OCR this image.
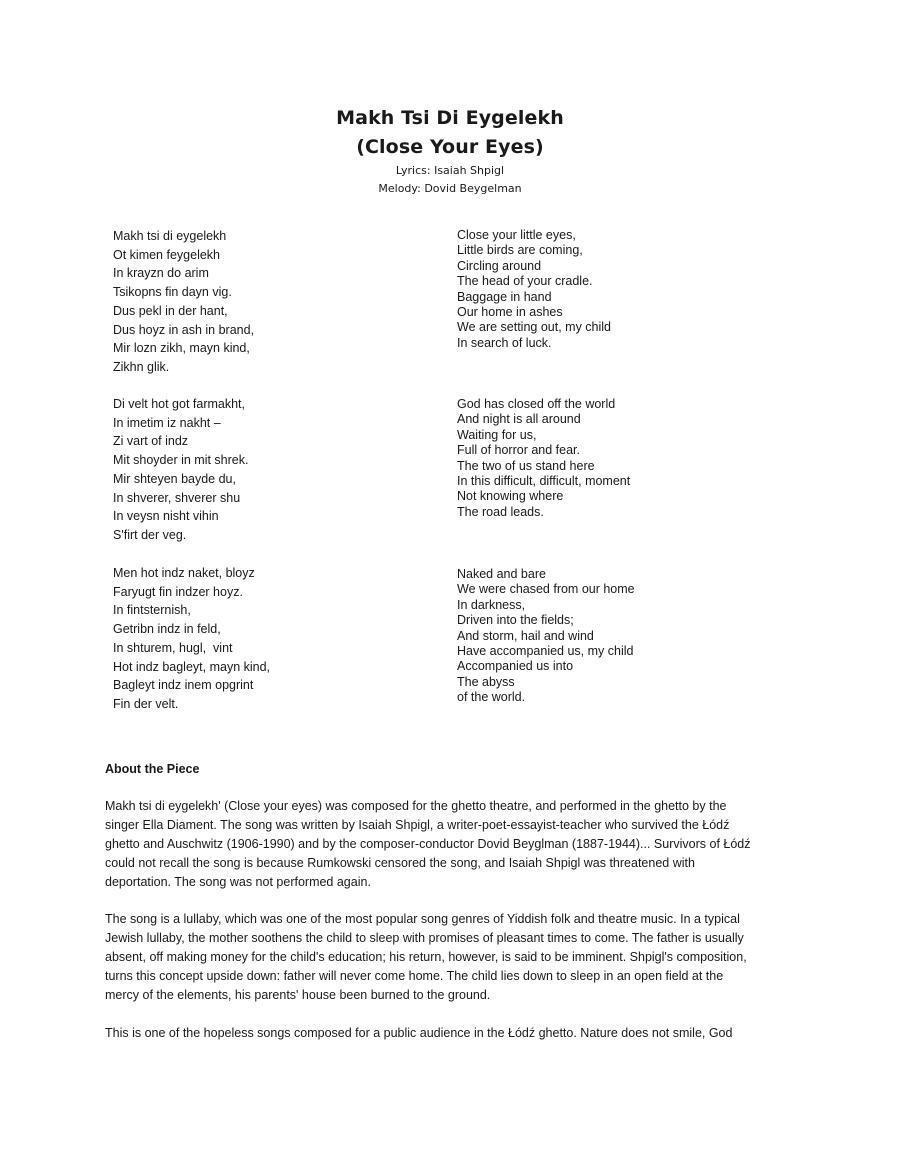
Makh Tsi Di Eygelekh

(Close Your Eyes)

Lyrics: Isaiah Shpigl

Melody: Dovid Beygelman

Makh tsi di eygelekh
Ot kimen feygelekh
In krayzn do arim
Tsikopns fin dayn vig.
Dus pekl in der hant,
Dus hoyz in ash in brand,
Mir lozn zikh, mayn kind,
Zikhn glik.
Di velt hot got farmakht,
In imetim iz nakht –
Zi vart of indz
Mit shoyder in mit shrek.
Mir shteyen bayde du,
In shverer, shverer shu
In veysn nisht vihin
S'firt der veg.
Men hot indz naket, bloyz
Faryugt fin indzer hoyz.
In fintsternish,
Getribn indz in feld,
In shturem, hugl,  vint
Hot indz bagleyt, mayn kind,
Bagleyt indz inem opgrint
Fin der velt.
Close your little eyes,
Little birds are coming,
Circling around
The head of your cradle.
Baggage in hand
Our home in ashes
We are setting out, my child
In search of luck.
God has closed off the world
And night is all around
Waiting for us,
Full of horror and fear.
The two of us stand here
In this difficult, difficult, moment
Not knowing where
The road leads.
Naked and bare
We were chased from our home
In darkness,
Driven into the fields;
And storm, hail and wind
Have accompanied us, my child
Accompanied us into
The abyss
of the world.

About the Piece

Makh tsi di eygelekh' (Close your eyes) was composed for the ghetto theatre, and performed in the ghetto by the
singer Ella Diament. The song was written by Isaiah Shpigl, a writer-poet-essayist-teacher who survived the Łódź
ghetto and Auschwitz (1906-1990) and by the composer-conductor Dovid Beyglman (1887-1944)... Survivors of Łódź
could not recall the song is because Rumkowski censored the song, and Isaiah Shpigl was threatened with
deportation. The song was not performed again.
The song is a lullaby, which was one of the most popular song genres of Yiddish folk and theatre music. In a typical
Jewish lullaby, the mother soothens the child to sleep with promises of pleasant times to come. The father is usually
absent, off making money for the child's education; his return, however, is said to be imminent. Shpigl's composition,
turns this concept upside down: father will never come home. The child lies down to sleep in an open field at the
mercy of the elements, his parents' house been burned to the ground.
This is one of the hopeless songs composed for a public audience in the Łódź ghetto. Nature does not smile, God
